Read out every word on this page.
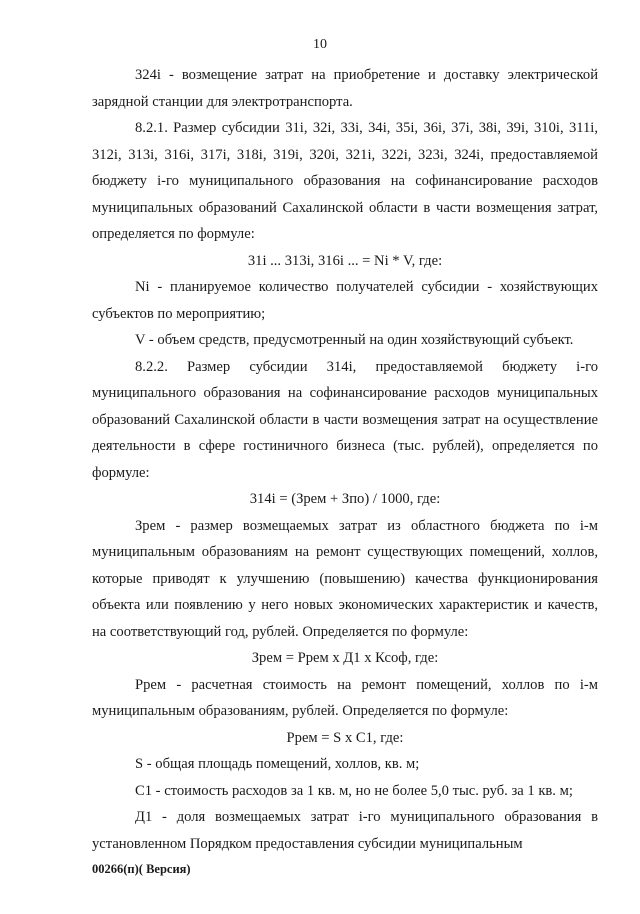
10

324i - возмещение затрат на приобретение и доставку электрической зарядной станции для электротранспорта.

8.2.1. Размер субсидии 31i, 32i, 33i, 34i, 35i, 36i, 37i, 38i, 39i, 310i, 311i, 312i, 313i, 316i, 317i, 318i, 319i, 320i, 321i, 322i, 323i, 324i, предоставляемой бюджету i-го муниципального образования на софинансирование расходов муниципальных образований Сахалинской области в части возмещения затрат, определяется по формуле:

31i ... 313i, 316i ... = Ni * V, где:

Ni - планируемое количество получателей субсидии - хозяйствующих субъектов по мероприятию;

V - объем средств, предусмотренный на один хозяйствующий субъект.

8.2.2. Размер субсидии 314i, предоставляемой бюджету i-го муниципального образования на софинансирование расходов муниципальных образований Сахалинской области в части возмещения затрат на осуществление деятельности в сфере гостиничного бизнеса (тыс. рублей), определяется по формуле:

314i = (Зрем + Зпо) / 1000, где:

Зрем - размер возмещаемых затрат из областного бюджета по i-м муниципальным образованиям на ремонт существующих помещений, холлов, которые приводят к улучшению (повышению) качества функционирования объекта или появлению у него новых экономических характеристик и качеств, на соответствующий год, рублей. Определяется по формуле:

Зрем = Ррем х Д1 х Ксоф, где:

Ррем - расчетная стоимость на ремонт помещений, холлов по i-м муниципальным образованиям, рублей. Определяется по формуле:

Ррем = S х C1, где:

S - общая площадь помещений, холлов, кв. м;

C1 - стоимость расходов за 1 кв. м, но не более 5,0 тыс. руб. за 1 кв. м;

Д1 - доля возмещаемых затрат i-го муниципального образования в установленном Порядком предоставления субсидии муниципальным

00266(п)( Версия)
